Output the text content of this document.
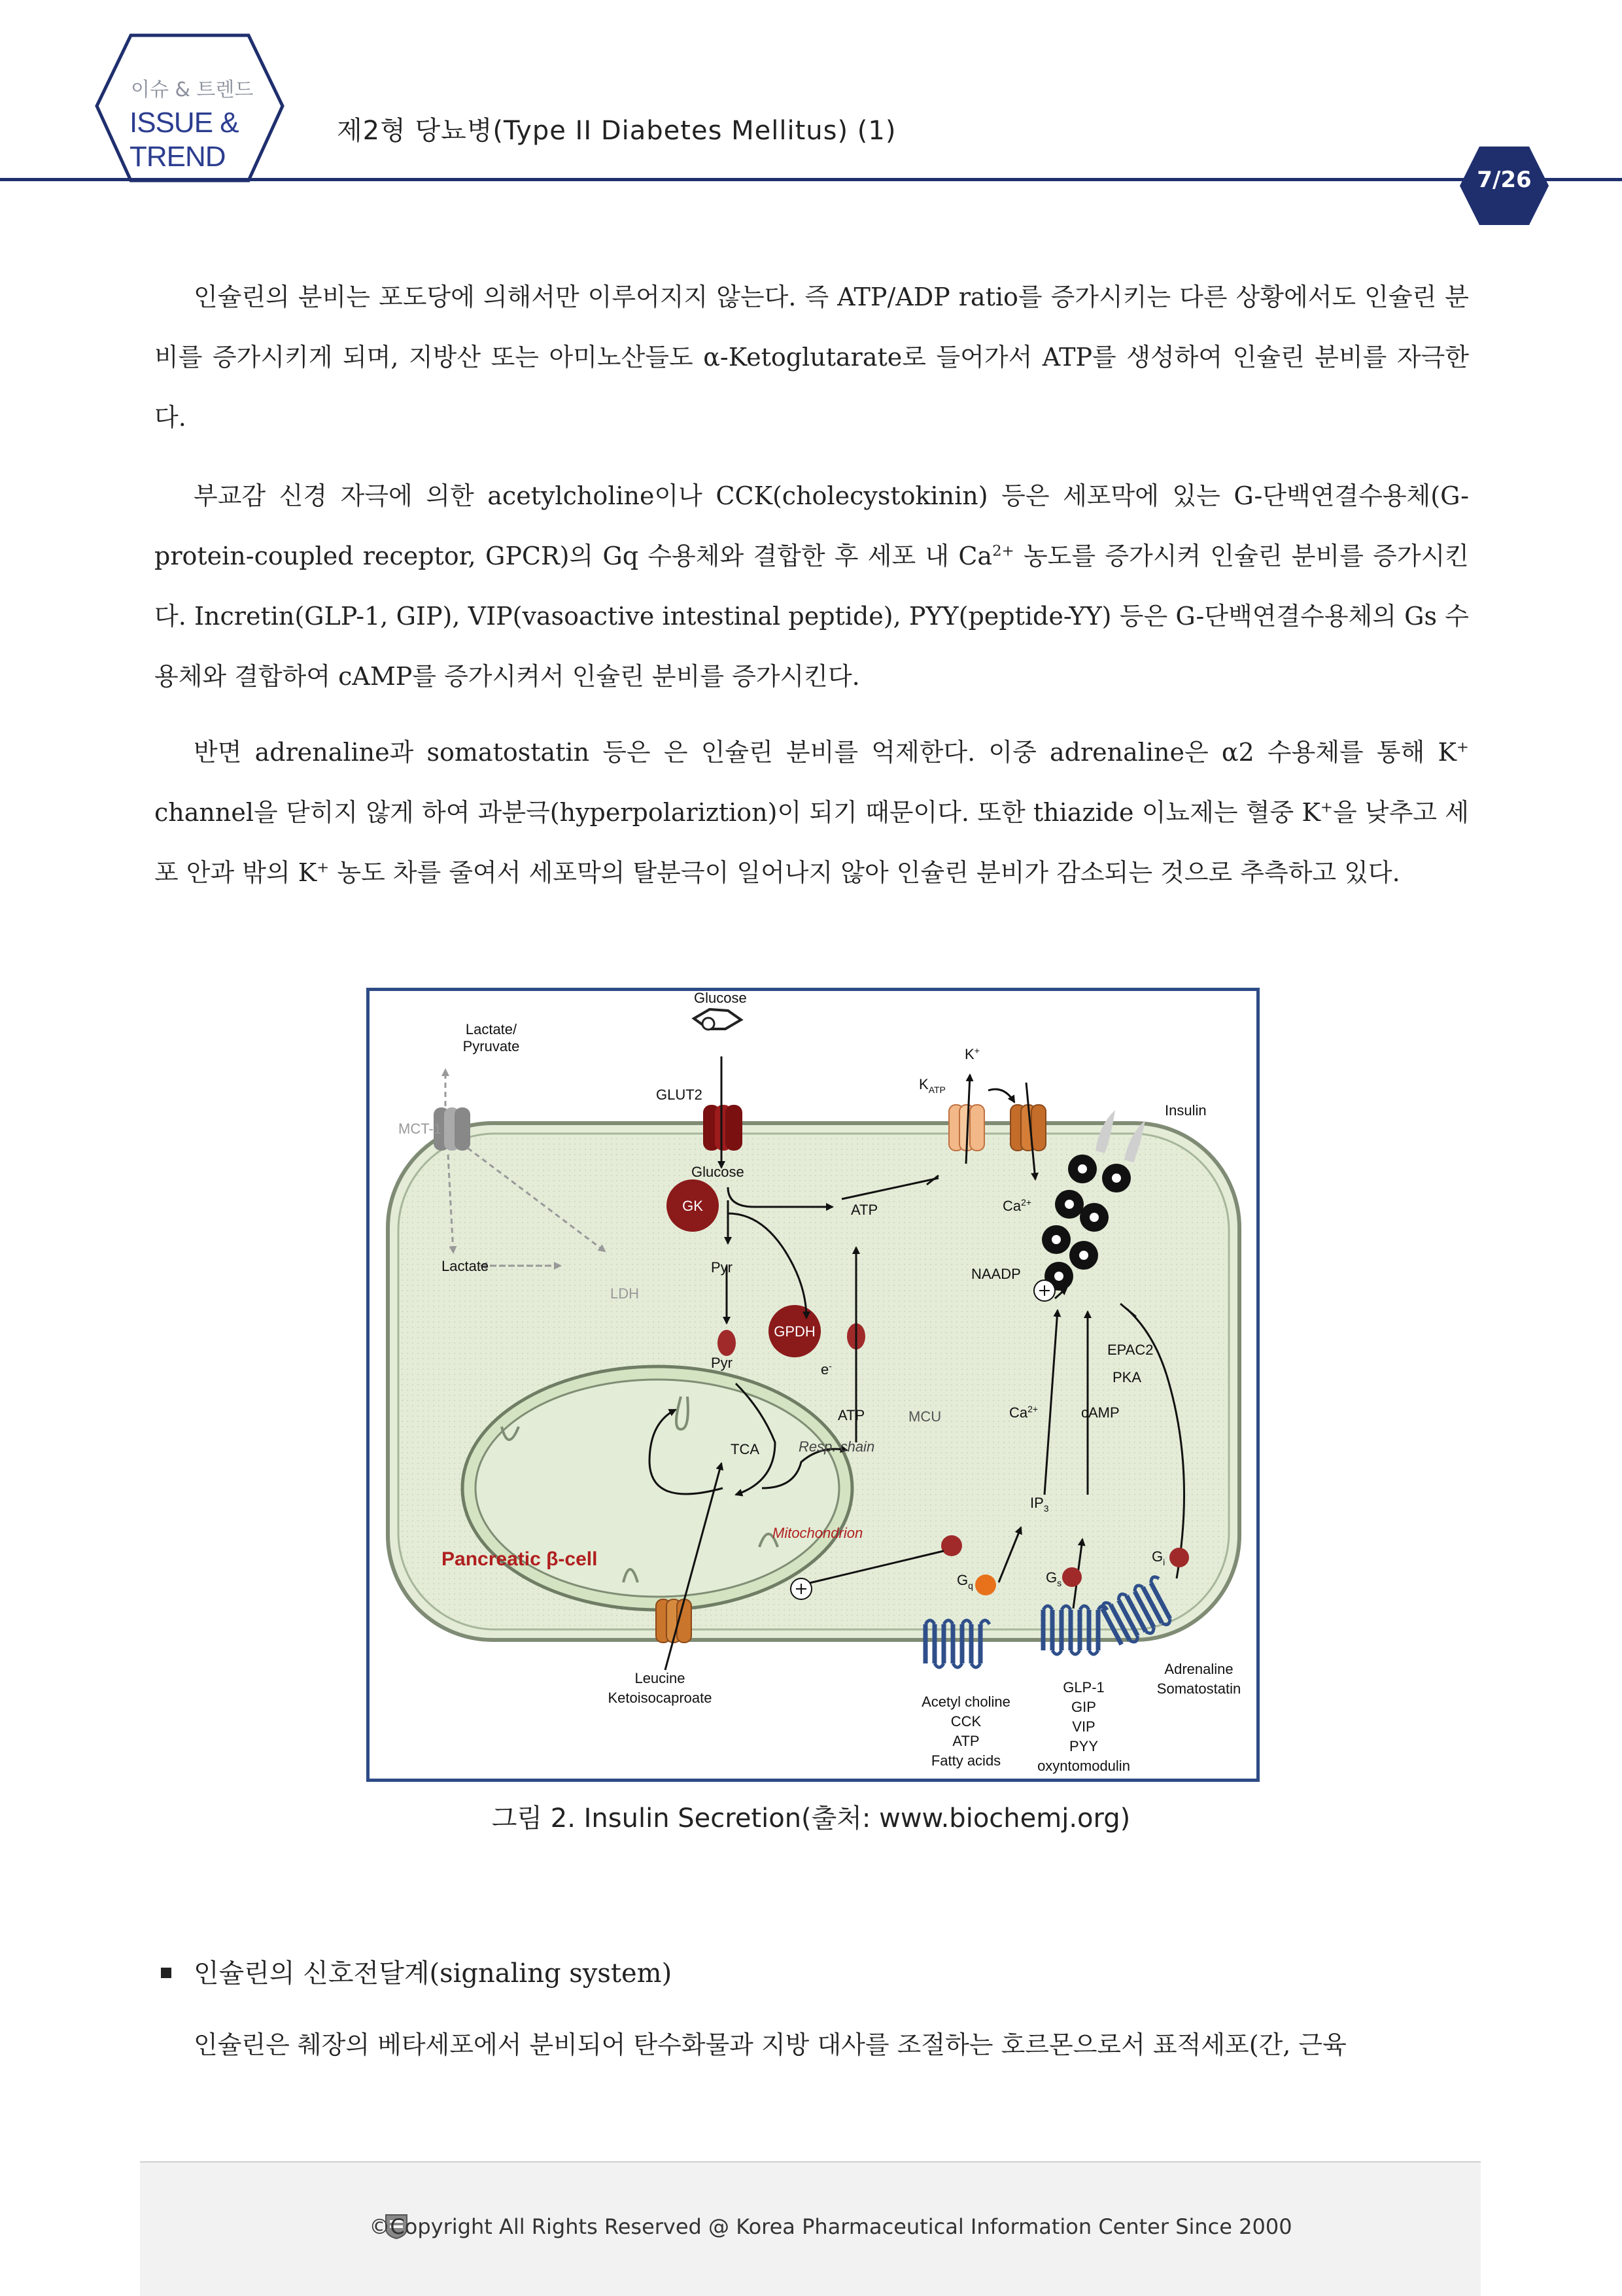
이슈 & 트렌드
ISSUE &
TREND
제2형 당뇨병(Type II Diabetes Mellitus) (1)
7/26

인슐린의 분비는 포도당에 의해서만 이루어지지 않는다. 즉 ATP/ADP ratio를 증가시키는 다른 상황에서도 인슐린 분비를 증가시키게 되며, 지방산 또는 아미노산들도 α-Ketoglutarate로 들어가서 ATP를 생성하여 인슐린 분비를 자극한다.

부교감 신경 자극에 의한 acetylcholine이나 CCK(cholecystokinin) 등은 세포막에 있는 G-단백연결수용체(G-protein-coupled receptor, GPCR)의 Gq 수용체와 결합한 후 세포 내 $Ca^{2+}$ 농도를 증가시켜 인슐린 분비를 증가시킨다. Incretin(GLP-1, GIP), VIP(vasoactive intestinal peptide), PYY(peptide-YY) 등은 G-단백연결수용체의 Gs 수용체와 결합하여 cAMP를 증가시켜서 인슐린 분비를 증가시킨다.

반면 adrenaline과 somatostatin 등은 은 인슐린 분비를 억제한다. 이중 adrenaline은 α2 수용체를 통해 K+ channel을 닫히지 않게 하여 과분극(hyperpolariztion)이 되기 때문이다. 또한 thiazide 이뇨제는 혈중 K+을 낮추고 세포 안과 밖의 K+ 농도 차를 줄여서 세포막의 탈분극이 일어나지 않아 인슐린 분비가 감소되는 것으로 추측하고 있다.

Glucose
Lactate/
Pyruvate
MCT-1
GLUT2
Glucose
GK	ATP
K+
$K_{ATP}$
Insulin
$Ca^{2+}$
Lactate
LDH
Pyr	NAADP
GPDH
Pyr	e-
EPAC2
PKA
ATP	MCU	$Ca^{2+}$	cAMP
TCA	Resp. chain
$IP_3$
Mitochondrion
Pancreatic β-cell
$G_q$	$G_s$
$G_i$
Leucine
Ketoisocaproate	Acetyl choline
CCK
ATP
Fatty acids
GLP-1
GIP
VIP
PYY
oxyntomodulin
Adrenaline
Somatostatin
그림 2. Insulin Secretion(출처: www.biochemj.org)
인슐린의 신호전달계(signaling system)
인슐린은 췌장의 베타세포에서 분비되어 탄수화물과 지방 대사를 조절하는 호르몬으로서 표적세포(간, 근육
©Copyright All Rights Reserved @ Korea Pharmaceutical Information Center Since 2000
